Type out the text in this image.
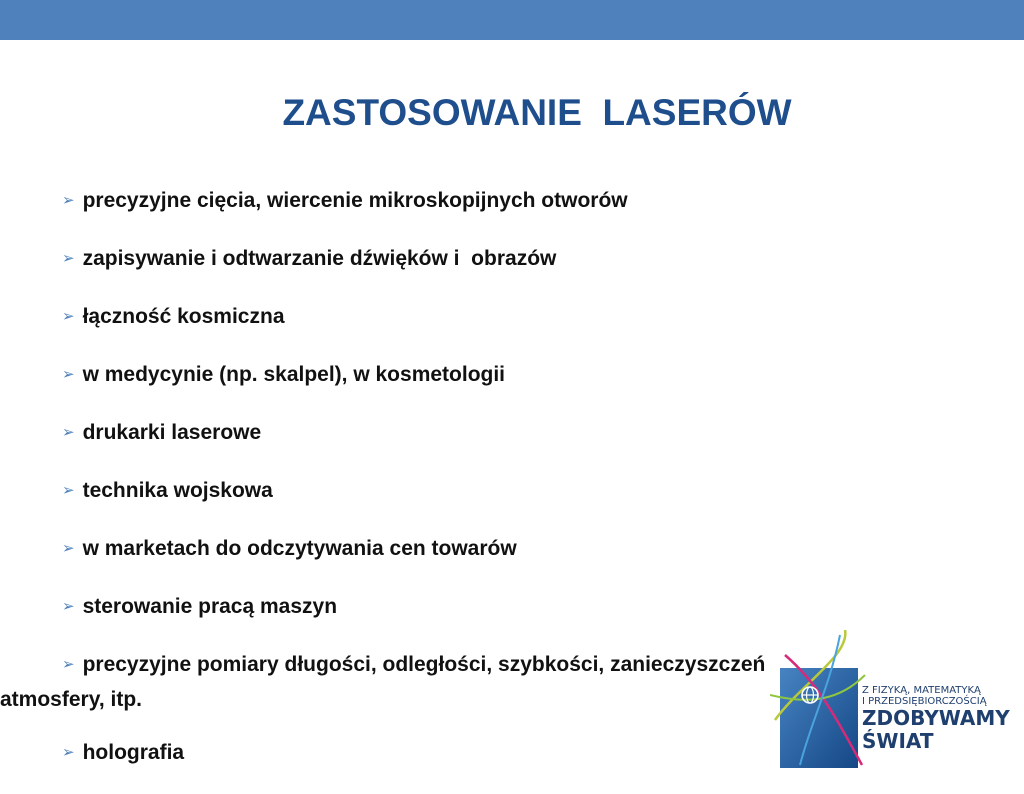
ZASTOSOWANIE  LASERÓW
➢ precyzyjne cięcia, wiercenie mikroskopijnych otworów
➢ zapisywanie i odtwarzanie dźwięków i  obrazów
➢ łączność kosmiczna
➢ w medycynie (np. skalpel), w kosmetologii
➢ drukarki laserowe
➢ technika wojskowa
➢ w marketach do odczytywania cen towarów
➢ sterowanie pracą maszyn
➢ precyzyjne pomiary długości, odległości, szybkości, zanieczyszczeń
atmosfery, itp.
➢ holografia
Z FIZYKĄ, MATEMATYKĄ
I PRZEDSIĘBIORCZOŚCIĄ
ZDOBYWAMY
ŚWIAT
